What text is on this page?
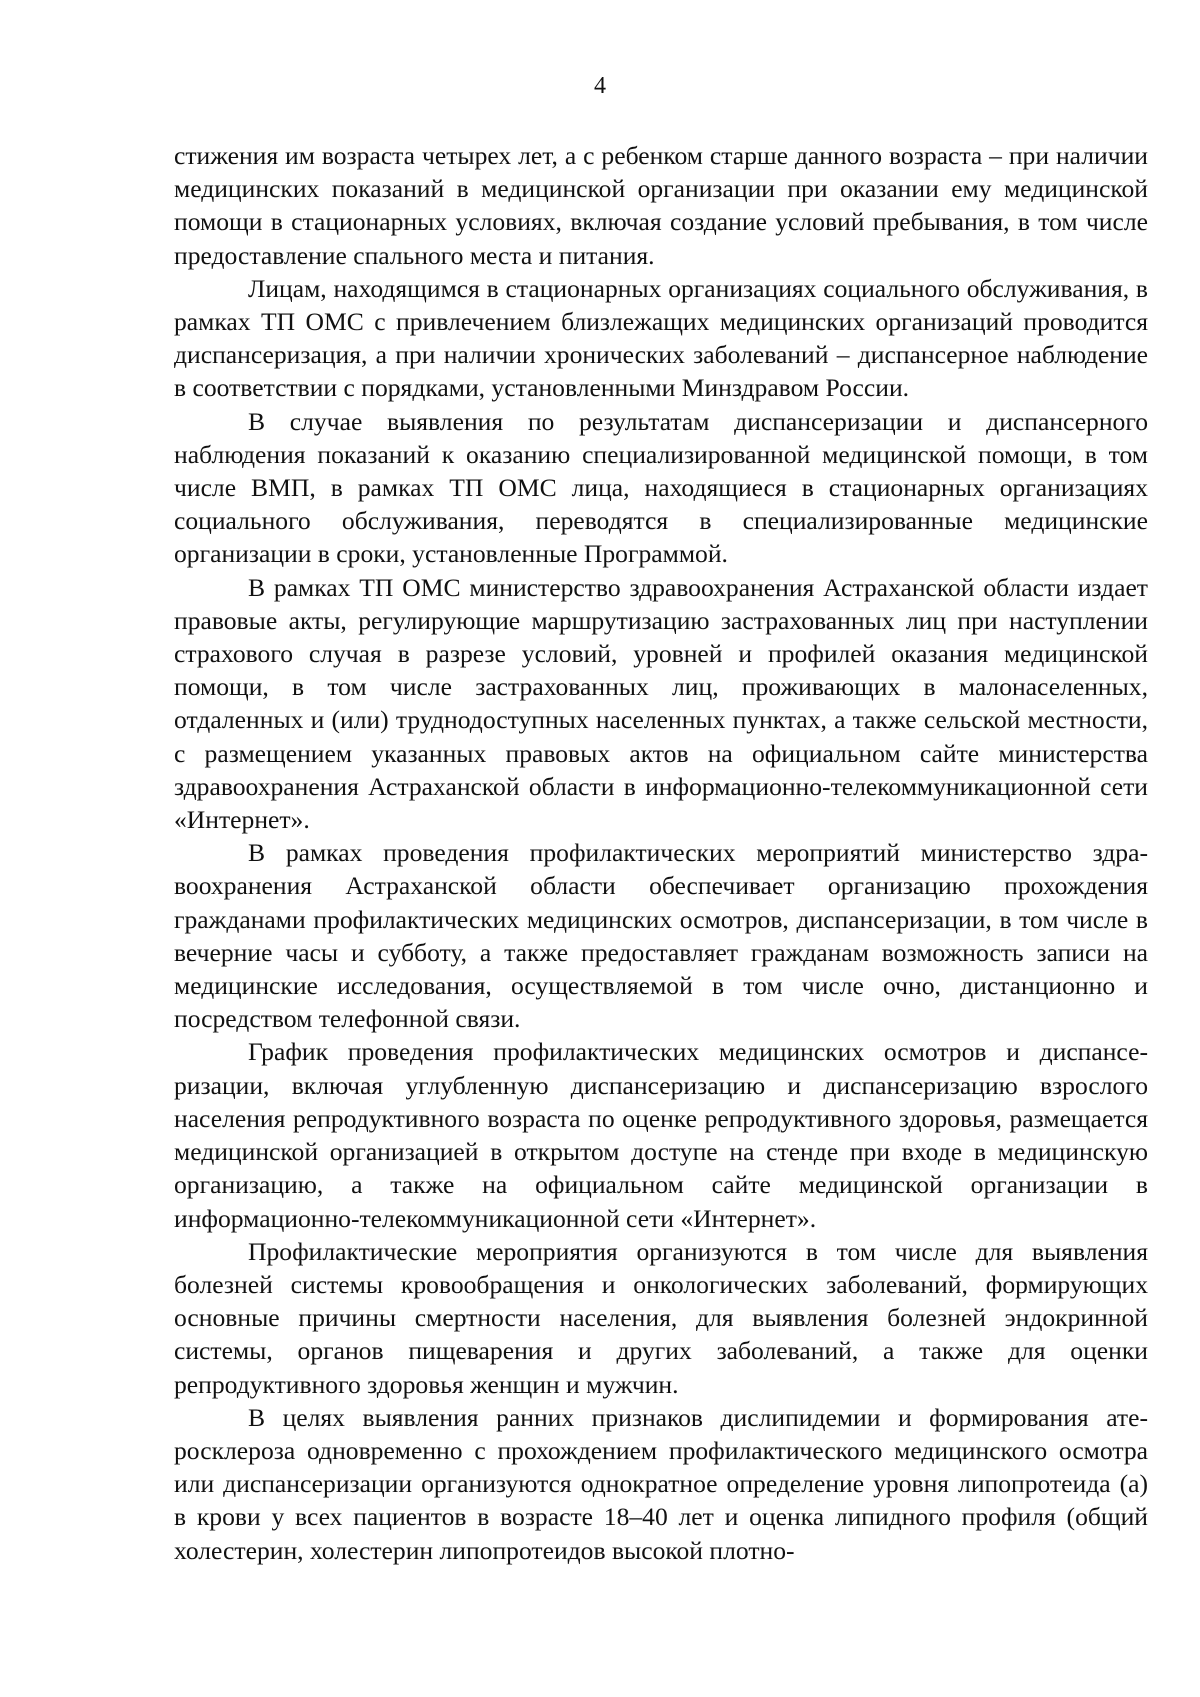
4

стижения им возраста четырех лет, а с ребенком старше данного возраста – при наличии медицинских показаний в медицинской организации при оказании ему медицинской помощи в стационарных условиях, включая создание условий пребывания, в том числе предоставление спального места и питания.

Лицам, находящимся в стационарных организациях социального обслуживания, в рамках ТП ОМС с привлечением близлежащих медицинских организаций проводится диспансеризация, а при наличии хронических заболеваний – диспансерное наблюдение в соответствии с порядками, установленными Минздравом России.

В случае выявления по результатам диспансеризации и диспансерного наблюдения показаний к оказанию специализированной медицинской помощи, в том числе ВМП, в рамках ТП ОМС лица, находящиеся в стационарных организациях социального обслуживания, переводятся в специализированные медицинские организации в сроки, установленные Программой.

В рамках ТП ОМС министерство здравоохранения Астраханской области издает правовые акты, регулирующие маршрутизацию застрахованных лиц при наступлении страхового случая в разрезе условий, уровней и профилей оказания медицинской помощи, в том числе застрахованных лиц, проживающих в малонаселенных, отдаленных и (или) труднодоступных населенных пунктах, а также сельской местности, с размещением указанных правовых актов на официальном сайте министерства здравоохранения Астраханской области в информационно-телекоммуникационной сети «Интернет».

В рамках проведения профилактических мероприятий министерство здравоохранения Астраханской области обеспечивает организацию прохождения гражданами профилактических медицинских осмотров, диспансеризации, в том числе в вечерние часы и субботу, а также предоставляет гражданам возможность записи на медицинские исследования, осуществляемой в том числе очно, дистанционно и посредством телефонной связи.

График проведения профилактических медицинских осмотров и диспансеризации, включая углубленную диспансеризацию и диспансеризацию взрослого населения репродуктивного возраста по оценке репродуктивного здоровья, размещается медицинской организацией в открытом доступе на стенде при входе в медицинскую организацию, а также на официальном сайте медицинской организации в информационно-телекоммуникационной сети «Интернет».

Профилактические мероприятия организуются в том числе для выявления болезней системы кровообращения и онкологических заболеваний, формирующих основные причины смертности населения, для выявления болезней эндокринной системы, органов пищеварения и других заболеваний, а также для оценки репродуктивного здоровья женщин и мужчин.

В целях выявления ранних признаков дислипидемии и формирования атеросклероза одновременно с прохождением профилактического медицинского осмотра или диспансеризации организуются однократное определение уровня липопротеида (а) в крови у всех пациентов в возрасте 18–40 лет и оценка липидного профиля (общий холестерин, холестерин липопротеидов высокой плотно-
